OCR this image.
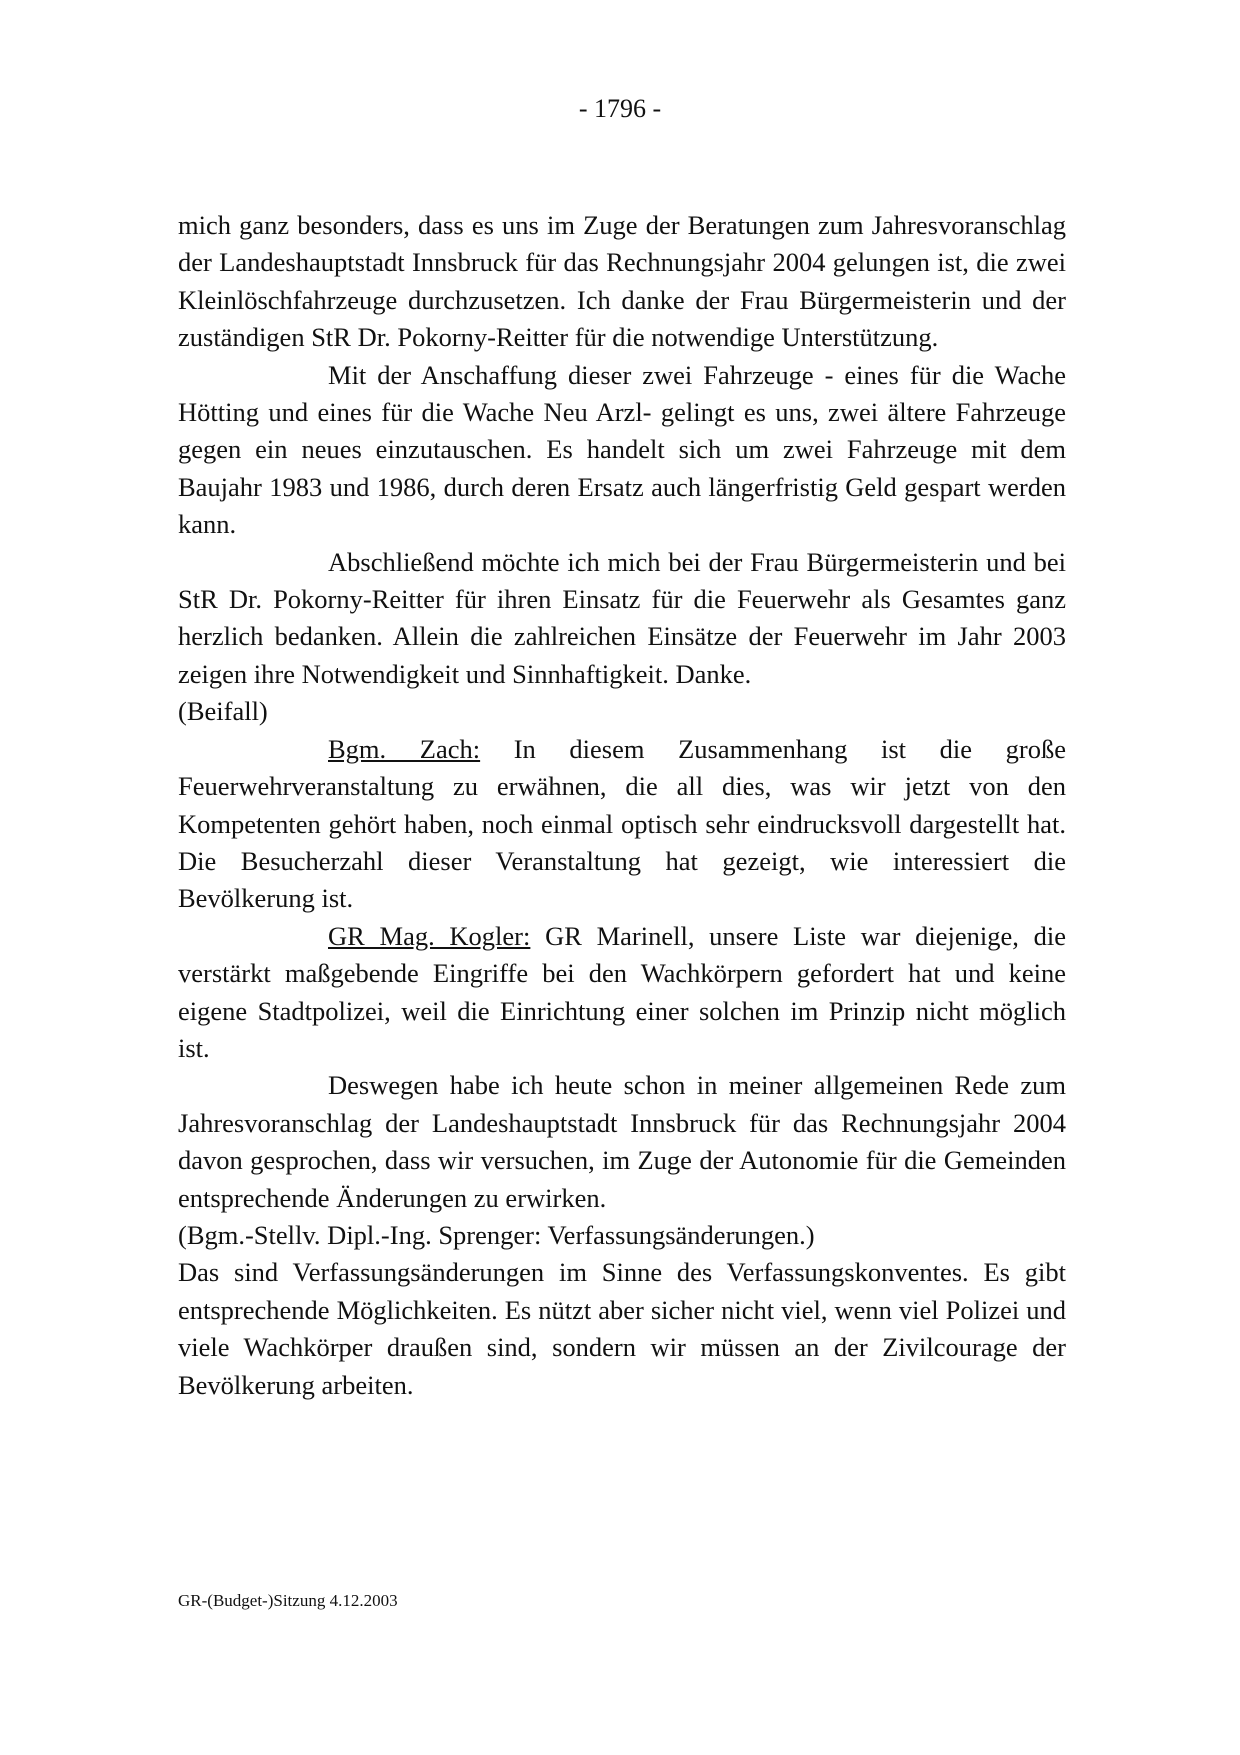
- 1796 -

mich ganz besonders, dass es uns im Zuge der Beratungen zum Jahresvoranschlag der Landeshauptstadt Innsbruck für das Rechnungsjahr 2004 gelungen ist, die zwei Kleinlöschfahrzeuge durchzusetzen. Ich danke der Frau Bürgermeisterin und der zuständigen StR Dr. Pokorny-Reitter für die notwendige Unterstützung.

Mit der Anschaffung dieser zwei Fahrzeuge - eines für die Wache Hötting und eines für die Wache Neu Arzl- gelingt es uns, zwei ältere Fahrzeuge gegen ein neues einzutauschen. Es handelt sich um zwei Fahrzeuge mit dem Baujahr 1983 und 1986, durch deren Ersatz auch längerfristig Geld gespart werden kann.

Abschließend möchte ich mich bei der Frau Bürgermeisterin und bei StR Dr. Pokorny-Reitter für ihren Einsatz für die Feuerwehr als Gesamtes ganz herzlich bedanken. Allein die zahlreichen Einsätze der Feuerwehr im Jahr 2003 zeigen ihre Notwendigkeit und Sinnhaftigkeit. Danke.

(Beifall)

Bgm. Zach: In diesem Zusammenhang ist die große Feuerwehrveranstaltung zu erwähnen, die all dies, was wir jetzt von den Kompetenten gehört haben, noch einmal optisch sehr eindrucksvoll dargestellt hat. Die Besucherzahl dieser Veranstaltung hat gezeigt, wie interessiert die Bevölkerung ist.

GR Mag. Kogler: GR Marinell, unsere Liste war diejenige, die verstärkt maßgebende Eingriffe bei den Wachkörpern gefordert hat und keine eigene Stadtpolizei, weil die Einrichtung einer solchen im Prinzip nicht möglich ist.

Deswegen habe ich heute schon in meiner allgemeinen Rede zum Jahresvoranschlag der Landeshauptstadt Innsbruck für das Rechnungsjahr 2004 davon gesprochen, dass wir versuchen, im Zuge der Autonomie für die Gemeinden entsprechende Änderungen zu erwirken.

(Bgm.-Stellv. Dipl.-Ing. Sprenger: Verfassungsänderungen.)

Das sind Verfassungsänderungen im Sinne des Verfassungskonventes. Es gibt entsprechende Möglichkeiten. Es nützt aber sicher nicht viel, wenn viel Polizei und viele Wachkörper draußen sind, sondern wir müssen an der Zivilcourage der Bevölkerung arbeiten.

GR-(Budget-)Sitzung 4.12.2003
